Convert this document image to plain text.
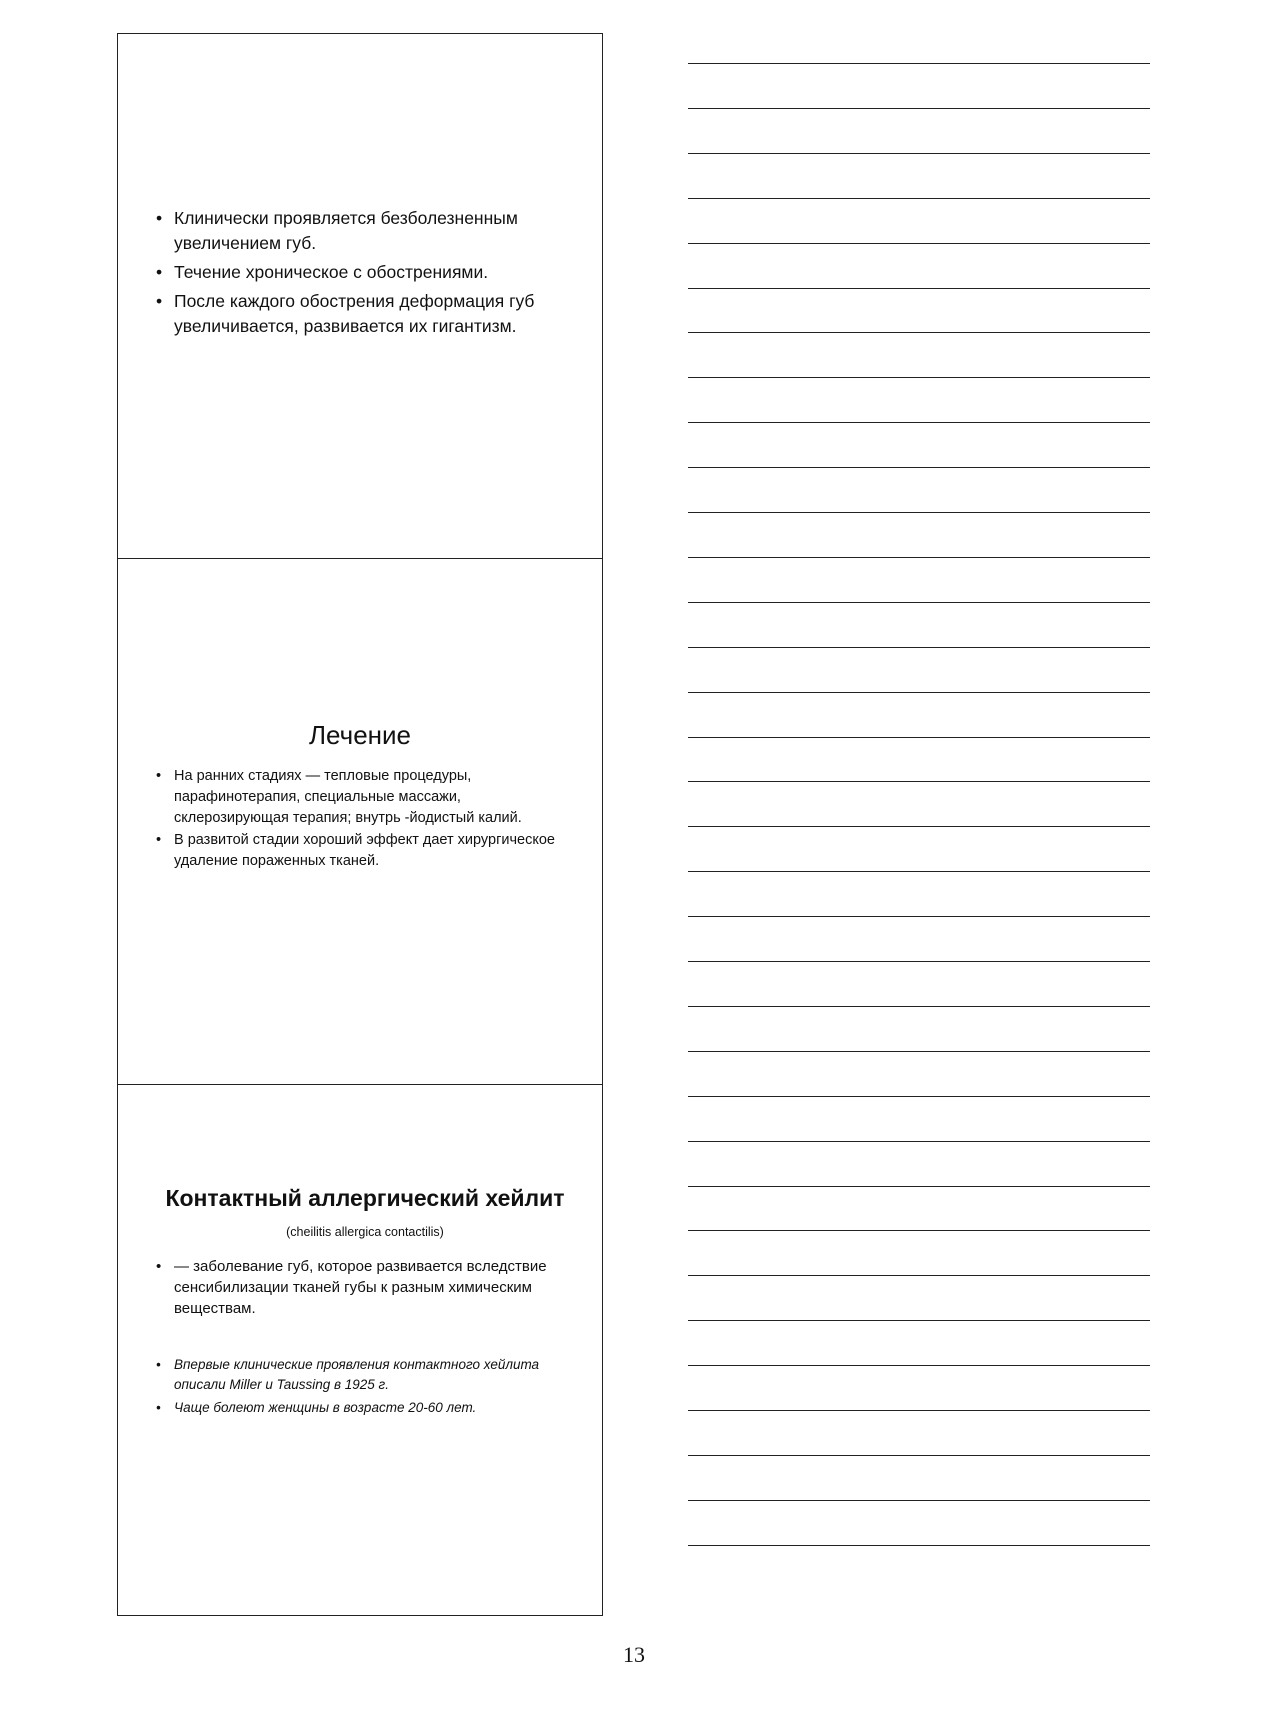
• Клинически проявляется безболезненным увеличением губ.
• Течение хроническое с обострениями.
• После каждого обострения деформация губ увеличивается, развивается их гигантизм.
Лечение
• На ранних стадиях — тепловые процедуры, парафинотерапия, специальные массажи, склерозирующая терапия; внутрь -йодистый калий.
• В развитой стадии хороший эффект дает хирургическое удаление пораженных тканей.
Контактный аллергический хейлит (cheilitis allergica contactilis)
• — заболевание губ, которое развивается вследствие сенсибилизации тканей губы к разным химическим веществам.
• Впервые клинические проявления контактного хейлита описали Miller и Taussing в 1925 г.
• Чаще болеют женщины в возрасте 20-60 лет.
13
